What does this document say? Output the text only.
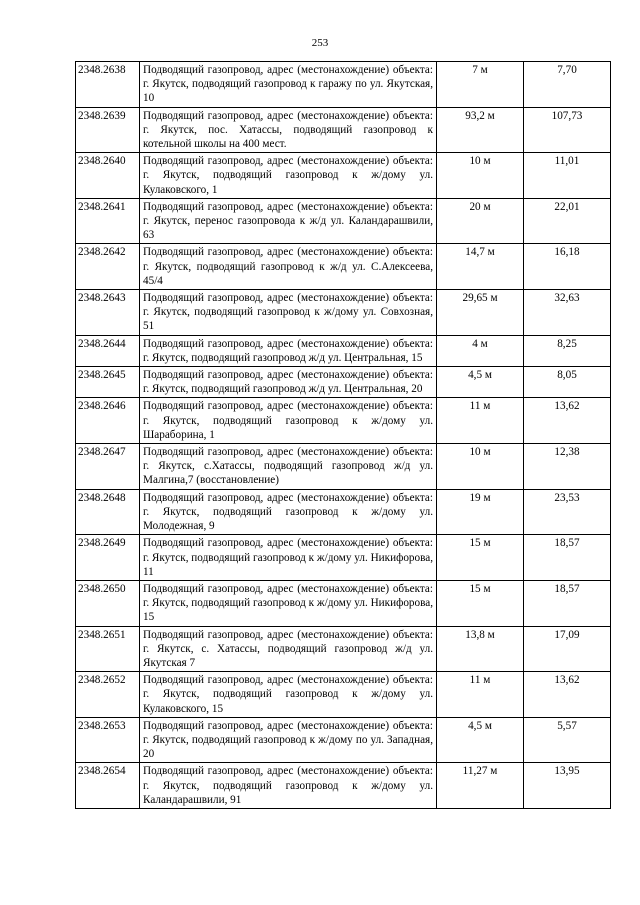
253
2348.2638	Подводящий газопровод, адрес (местонахождение) объекта: г. Якутск, подводящий газопровод к гаражу по ул. Якутская, 10	7 м	7,70
2348.2639	Подводящий газопровод, адрес (местонахождение) объекта: г. Якутск, пос. Хатассы, подводящий газопровод к котельной школы на 400 мест.	93,2 м	107,73
2348.2640	Подводящий газопровод, адрес (местонахождение) объекта: г. Якутск, подводящий газопровод к ж/дому ул. Кулаковского, 1	10 м	11,01
2348.2641	Подводящий газопровод, адрес (местонахождение) объекта: г. Якутск, перенос газопровода к ж/д ул. Каландарашвили, 63	20 м	22,01
2348.2642	Подводящий газопровод, адрес (местонахождение) объекта: г. Якутск, подводящий газопровод к ж/д ул. С.Алексеева, 45/4	14,7 м	16,18
2348.2643	Подводящий газопровод, адрес (местонахождение) объекта: г. Якутск, подводящий газопровод к ж/дому ул. Совхозная, 51	29,65 м	32,63
2348.2644	Подводящий газопровод, адрес (местонахождение) объекта: г. Якутск, подводящий газопровод ж/д ул. Центральная, 15	4 м	8,25
2348.2645	Подводящий газопровод, адрес (местонахождение) объекта: г. Якутск, подводящий газопровод ж/д ул. Центральная, 20	4,5 м	8,05
2348.2646	Подводящий газопровод, адрес (местонахождение) объекта: г. Якутск, подводящий газопровод к ж/дому ул. Шараборина, 1	11 м	13,62
2348.2647	Подводящий газопровод, адрес (местонахождение) объекта: г. Якутск, с.Хатассы, подводящий газопровод ж/д ул. Малгина,7 (восстановление)	10 м	12,38
2348.2648	Подводящий газопровод, адрес (местонахождение) объекта: г. Якутск, подводящий газопровод к ж/дому ул. Молодежная, 9	19 м	23,53
2348.2649	Подводящий газопровод, адрес (местонахождение) объекта: г. Якутск, подводящий газопровод к ж/дому ул. Никифорова, 11	15 м	18,57
2348.2650	Подводящий газопровод, адрес (местонахождение) объекта: г. Якутск, подводящий газопровод к ж/дому ул. Никифорова, 15	15 м	18,57
2348.2651	Подводящий газопровод, адрес (местонахождение) объекта: г. Якутск, с. Хатассы, подводящий газопровод ж/д ул. Якутская 7	13,8 м	17,09
2348.2652	Подводящий газопровод, адрес (местонахождение) объекта: г. Якутск, подводящий газопровод к ж/дому ул. Кулаковского, 15	11 м	13,62
2348.2653	Подводящий газопровод, адрес (местонахождение) объекта: г. Якутск, подводящий газопровод к ж/дому по ул. Западная, 20	4,5 м	5,57
2348.2654	Подводящий газопровод, адрес (местонахождение) объекта: г. Якутск, подводящий газопровод к ж/дому ул. Каландарашвили, 91	11,27 м	13,95
